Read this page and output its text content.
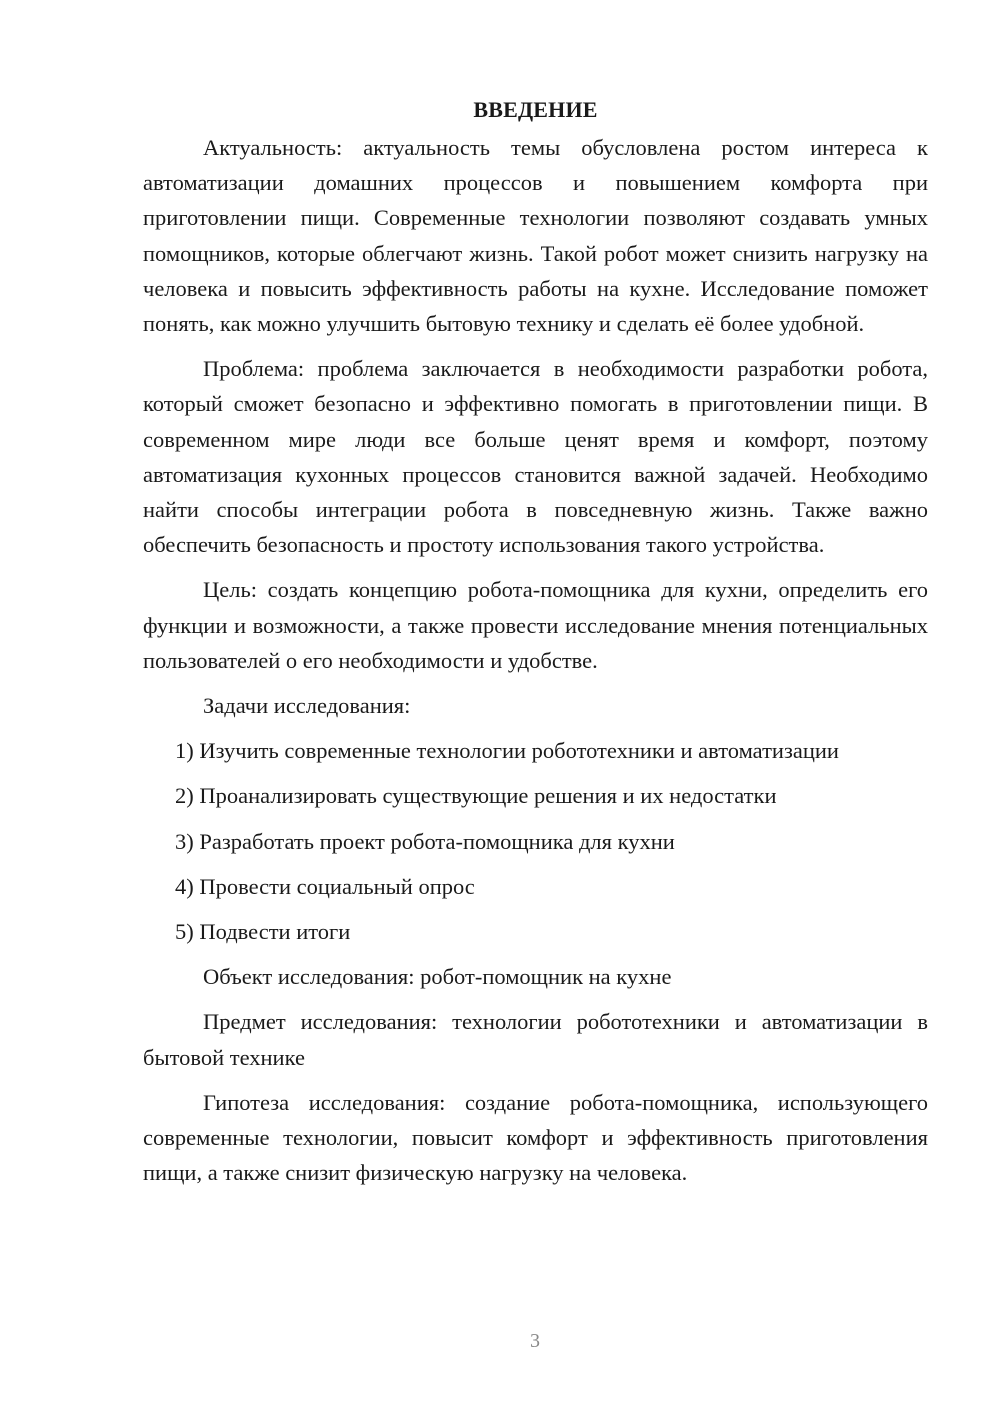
ВВЕДЕНИЕ

Актуальность: актуальность темы обусловлена ростом интереса к автоматизации домашних процессов и повышением комфорта при приготовлении пищи. Современные технологии позволяют создавать умных помощников, которые облегчают жизнь. Такой робот может снизить нагрузку на человека и повысить эффективность работы на кухне. Исследование поможет понять, как можно улучшить бытовую технику и сделать её более удобной.

Проблема: проблема заключается в необходимости разработки робота, который сможет безопасно и эффективно помогать в приготовлении пищи. В современном мире люди все больше ценят время и комфорт, поэтому автоматизация кухонных процессов становится важной задачей. Необходимо найти способы интеграции робота в повседневную жизнь. Также важно обеспечить безопасность и простоту использования такого устройства.

Цель: создать концепцию робота-помощника для кухни, определить его функции и возможности, а также провести исследование мнения потенциальных пользователей о его необходимости и удобстве.

Задачи исследования:

1) Изучить современные технологии робототехники и автоматизации
2) Проанализировать существующие решения и их недостатки
3) Разработать проект робота-помощника для кухни
4) Провести социальный опрос
5) Подвести итоги

Объект исследования: робот-помощник на кухне

Предмет исследования: технологии робототехники и автоматизации в бытовой технике

Гипотеза исследования: создание робота-помощника, использующего современные технологии, повысит комфорт и эффективность приготовления пищи, а также снизит физическую нагрузку на человека.

3
